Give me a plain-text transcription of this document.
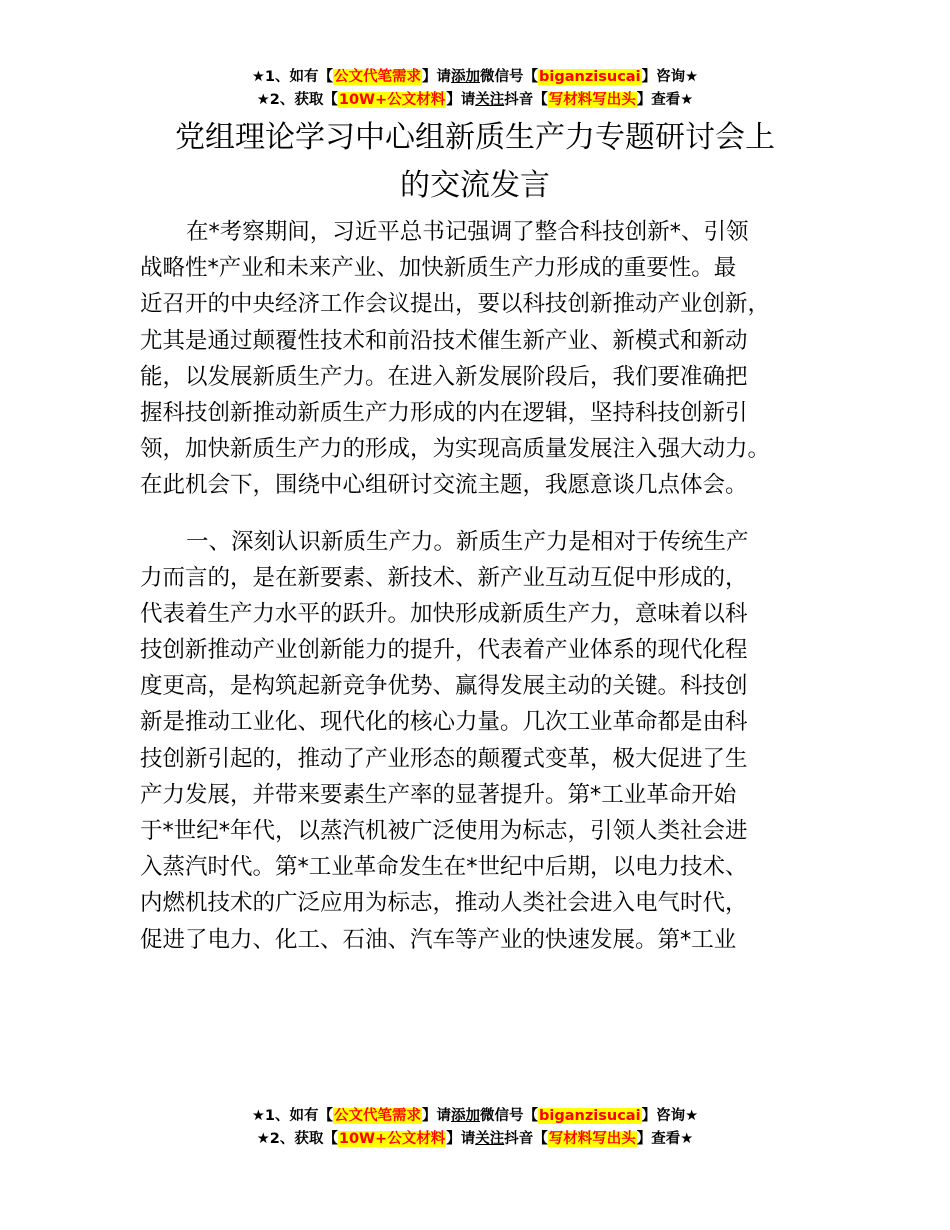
★1、如有【公文代笔需求】请添加微信号【biganzisucai】咨询★
★2、获取【10W+公文材料】请关注抖音【写材料写出头】查看★
党组理论学习中心组新质生产力专题研讨会上
的交流发言

在*考察期间，习近平总书记强调了整合科技创新*、引领
战略性*产业和未来产业、加快新质生产力形成的重要性。最
近召开的中央经济工作会议提出，要以科技创新推动产业创新，
尤其是通过颠覆性技术和前沿技术催生新产业、新模式和新动
能，以发展新质生产力。在进入新发展阶段后，我们要准确把
握科技创新推动新质生产力形成的内在逻辑，坚持科技创新引
领，加快新质生产力的形成，为实现高质量发展注入强大动力。
在此机会下，围绕中心组研讨交流主题，我愿意谈几点体会。

一、深刻认识新质生产力。新质生产力是相对于传统生产
力而言的，是在新要素、新技术、新产业互动互促中形成的，
代表着生产力水平的跃升。加快形成新质生产力，意味着以科
技创新推动产业创新能力的提升，代表着产业体系的现代化程
度更高，是构筑起新竞争优势、赢得发展主动的关键。科技创
新是推动工业化、现代化的核心力量。几次工业革命都是由科
技创新引起的，推动了产业形态的颠覆式变革，极大促进了生
产力发展，并带来要素生产率的显著提升。第*工业革命开始
于*世纪*年代，以蒸汽机被广泛使用为标志，引领人类社会进
入蒸汽时代。第*工业革命发生在*世纪中后期，以电力技术、
内燃机技术的广泛应用为标志，推动人类社会进入电气时代，
促进了电力、化工、石油、汽车等产业的快速发展。第*工业

★1、如有【公文代笔需求】请添加微信号【biganzisucai】咨询★
★2、获取【10W+公文材料】请关注抖音【写材料写出头】查看★
